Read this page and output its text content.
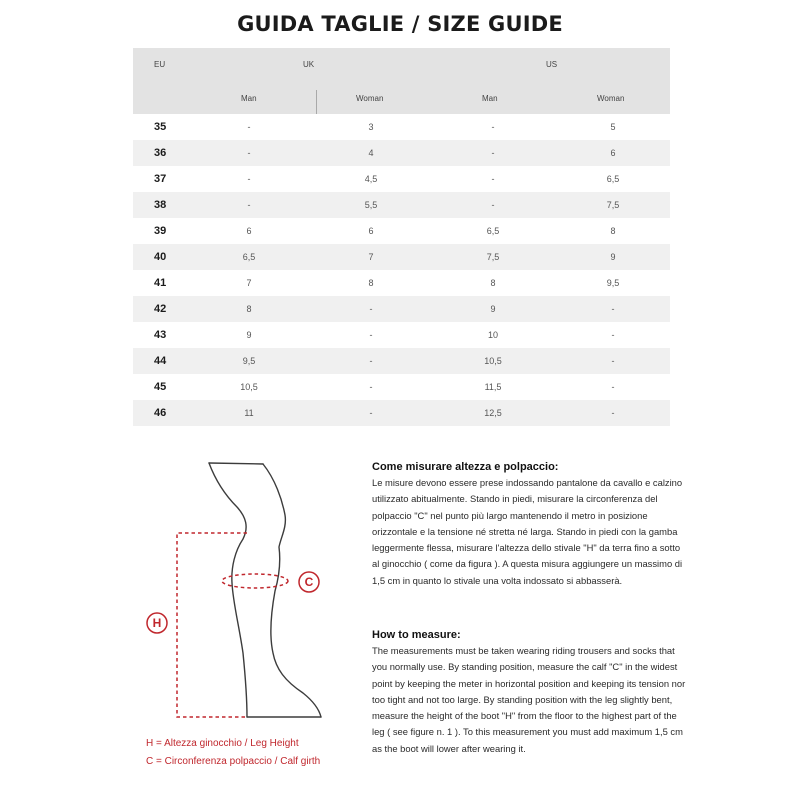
GUIDA TAGLIE / SIZE GUIDE
EU	UK	US
Man	Woman	Man	Woman
35	-	3	-	5
36	-	4	-	6
37	-	4,5	-	6,5
38	-	5,5	-	7,5
39	6	6	6,5	8
40	6,5	7	7,5	9
41	7	8	8	9,5
42	8	-	9	-
43	9	-	10	-
44	9,5	-	10,5	-
45	10,5	-	11,5	-
46	11	-	12,5	-
H
C
H = Altezza ginocchio / Leg Height
C = Circonferenza polpaccio / Calf girth
Come misurare altezza e polpaccio:

Le misure devono essere prese indossando pantalone da cavallo e calzino utilizzato abitualmente. Stando in piedi, misurare la circonferenza del polpaccio "C" nel punto più largo mantenendo il metro in posizione orizzontale e la tensione né stretta né larga. Stando in piedi con la gamba leggermente flessa, misurare l'altezza dello stivale "H" da terra fino a sotto al ginocchio ( come da figura ). A questa misura aggiungere un massimo di 1,5 cm in quanto lo stivale una volta indossato si abbasserà.

How to measure:

The measurements must be taken wearing riding trousers and socks that you normally use. By standing position, measure the calf "C" in the widest point by keeping the meter in horizontal position and keeping its tension nor too tight and not too large. By standing position with the leg slightly bent, measure the height of the boot "H" from the floor to the highest part of the leg ( see figure n. 1 ). To this measurement you must add maximum 1,5 cm as the boot will lower after wearing it.
